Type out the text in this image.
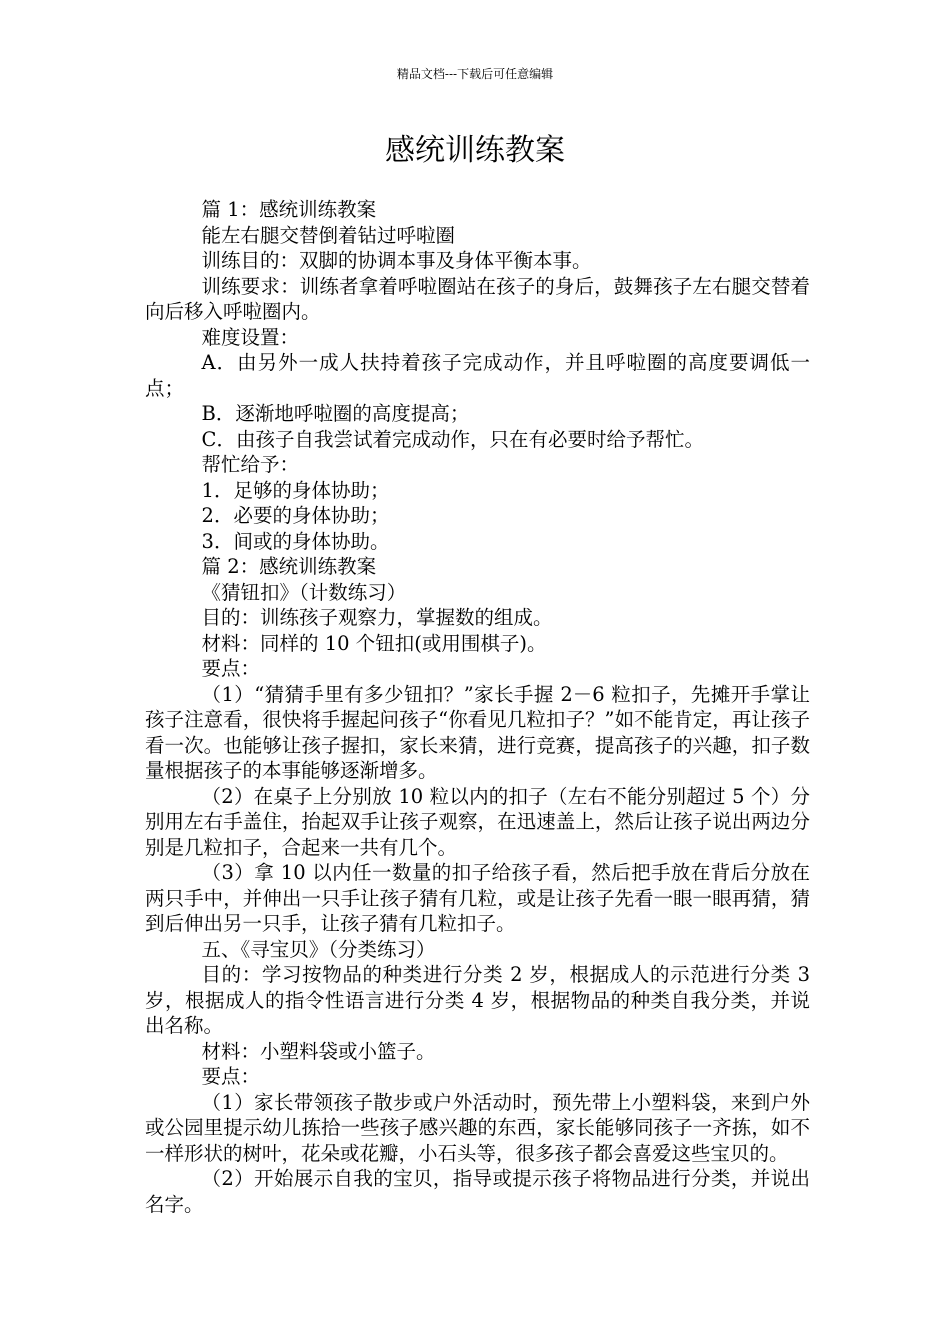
精品文档---下载后可任意编辑
感统训练教案

篇 1：感统训练教案

能左右腿交替倒着钻过呼啦圈

训练目的：双脚的协调本事及身体平衡本事。

训练要求：训练者拿着呼啦圈站在孩子的身后，鼓舞孩子左右腿交替着向后移入呼啦圈内。

难度设置：

A．由另外一成人扶持着孩子完成动作，并且呼啦圈的高度要调低一点；

B．逐渐地呼啦圈的高度提高；

C．由孩子自我尝试着完成动作，只在有必要时给予帮忙。

帮忙给予：

1．足够的身体协助；

2．必要的身体协助；

3．间或的身体协助。

篇 2：感统训练教案

《猜钮扣》（计数练习）

目的：训练孩子观察力，掌握数的组成。

材料：同样的 10 个钮扣(或用围棋子)。

要点：

（1）“猜猜手里有多少钮扣？”家长手握 2－6 粒扣子，先摊开手掌让孩子注意看，很快将手握起问孩子“你看见几粒扣子？”如不能肯定，再让孩子看一次。也能够让孩子握扣，家长来猜，进行竞赛，提高孩子的兴趣，扣子数量根据孩子的本事能够逐渐增多。

（2）在桌子上分别放 10 粒以内的扣子（左右不能分别超过 5 个）分别用左右手盖住，抬起双手让孩子观察，在迅速盖上，然后让孩子说出两边分别是几粒扣子，合起来一共有几个。

（3）拿 10 以内任一数量的扣子给孩子看，然后把手放在背后分放在两只手中，并伸出一只手让孩子猜有几粒，或是让孩子先看一眼一眼再猜，猜到后伸出另一只手，让孩子猜有几粒扣子。

五、《寻宝贝》（分类练习）

目的：学习按物品的种类进行分类 2 岁，根据成人的示范进行分类 3 岁，根据成人的指令性语言进行分类 4 岁，根据物品的种类自我分类，并说出名称。

材料：小塑料袋或小篮子。

要点：

（1）家长带领孩子散步或户外活动时，预先带上小塑料袋，来到户外或公园里提示幼儿拣拾一些孩子感兴趣的东西，家长能够同孩子一齐拣，如不一样形状的树叶，花朵或花瓣，小石头等，很多孩子都会喜爱这些宝贝的。

（2）开始展示自我的宝贝，指导或提示孩子将物品进行分类，并说出名字。
